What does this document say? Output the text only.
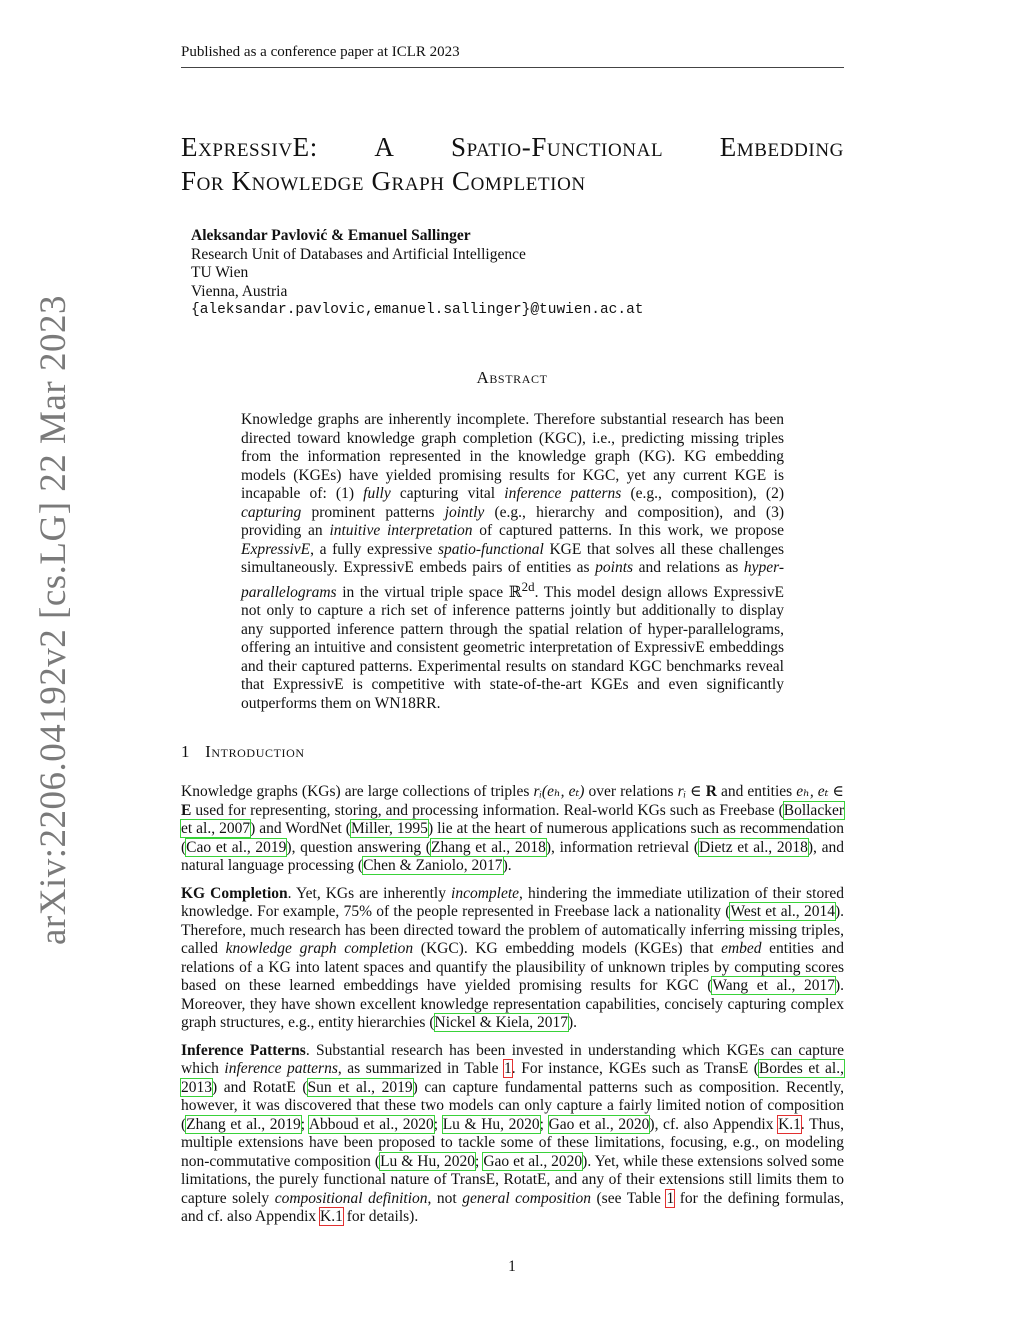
Published as a conference paper at ICLR 2023
arXiv:2206.04192v2 [cs.LG] 22 Mar 2023
ExpressivE: A Spatio-Functional Embedding
For Knowledge Graph Completion
Aleksandar Pavlović & Emanuel Sallinger
Research Unit of Databases and Artificial Intelligence
TU Wien
Vienna, Austria
{aleksandar.pavlovic,emanuel.sallinger}@tuwien.ac.at
Abstract
Knowledge graphs are inherently incomplete. Therefore substantial research has been directed toward knowledge graph completion (KGC), i.e., predicting missing triples from the information represented in the knowledge graph (KG). KG embedding models (KGEs) have yielded promising results for KGC, yet any current KGE is incapable of: (1) fully capturing vital inference patterns (e.g., composition), (2) capturing prominent patterns jointly (e.g., hierarchy and composition), and (3) providing an intuitive interpretation of captured patterns. In this work, we propose ExpressivE, a fully expressive spatio-functional KGE that solves all these challenges simultaneously. ExpressivE embeds pairs of entities as points and relations as hyper-parallelograms in the virtual triple space ℝ$^{2d}$. This model design allows ExpressivE not only to capture a rich set of inference patterns jointly but additionally to display any supported inference pattern through the spatial relation of hyper-parallelograms, offering an intuitive and consistent geometric interpretation of ExpressivE embeddings and their captured patterns. Experimental results on standard KGC benchmarks reveal that ExpressivE is competitive with state-of-the-art KGEs and even significantly outperforms them on WN18RR.
1 Introduction

Knowledge graphs (KGs) are large collections of triples rᵢ(eₕ, eₜ) over relations rᵢ ∈ R and entities eₕ, eₜ ∈ E used for representing, storing, and processing information. Real-world KGs such as Freebase (Bollacker et al., 2007) and WordNet (Miller, 1995) lie at the heart of numerous applications such as recommendation (Cao et al., 2019), question answering (Zhang et al., 2018), information retrieval (Dietz et al., 2018), and natural language processing (Chen & Zaniolo, 2017).

KG Completion. Yet, KGs are inherently incomplete, hindering the immediate utilization of their stored knowledge. For example, 75% of the people represented in Freebase lack a nationality (West et al., 2014). Therefore, much research has been directed toward the problem of automatically inferring missing triples, called knowledge graph completion (KGC). KG embedding models (KGEs) that embed entities and relations of a KG into latent spaces and quantify the plausibility of unknown triples by computing scores based on these learned embeddings have yielded promising results for KGC (Wang et al., 2017). Moreover, they have shown excellent knowledge representation capabilities, concisely capturing complex graph structures, e.g., entity hierarchies (Nickel & Kiela, 2017).

Inference Patterns. Substantial research has been invested in understanding which KGEs can capture which inference patterns, as summarized in Table 1. For instance, KGEs such as TransE (Bordes et al., 2013) and RotatE (Sun et al., 2019) can capture fundamental patterns such as composition. Recently, however, it was discovered that these two models can only capture a fairly limited notion of composition (Zhang et al., 2019; Abboud et al., 2020; Lu & Hu, 2020; Gao et al., 2020), cf. also Appendix K.1. Thus, multiple extensions have been proposed to tackle some of these limitations, focusing, e.g., on modeling non-commutative composition (Lu & Hu, 2020; Gao et al., 2020). Yet, while these extensions solved some limitations, the purely functional nature of TransE, RotatE, and any of their extensions still limits them to capture solely compositional definition, not general composition (see Table 1 for the defining formulas, and cf. also Appendix K.1 for details).

1
